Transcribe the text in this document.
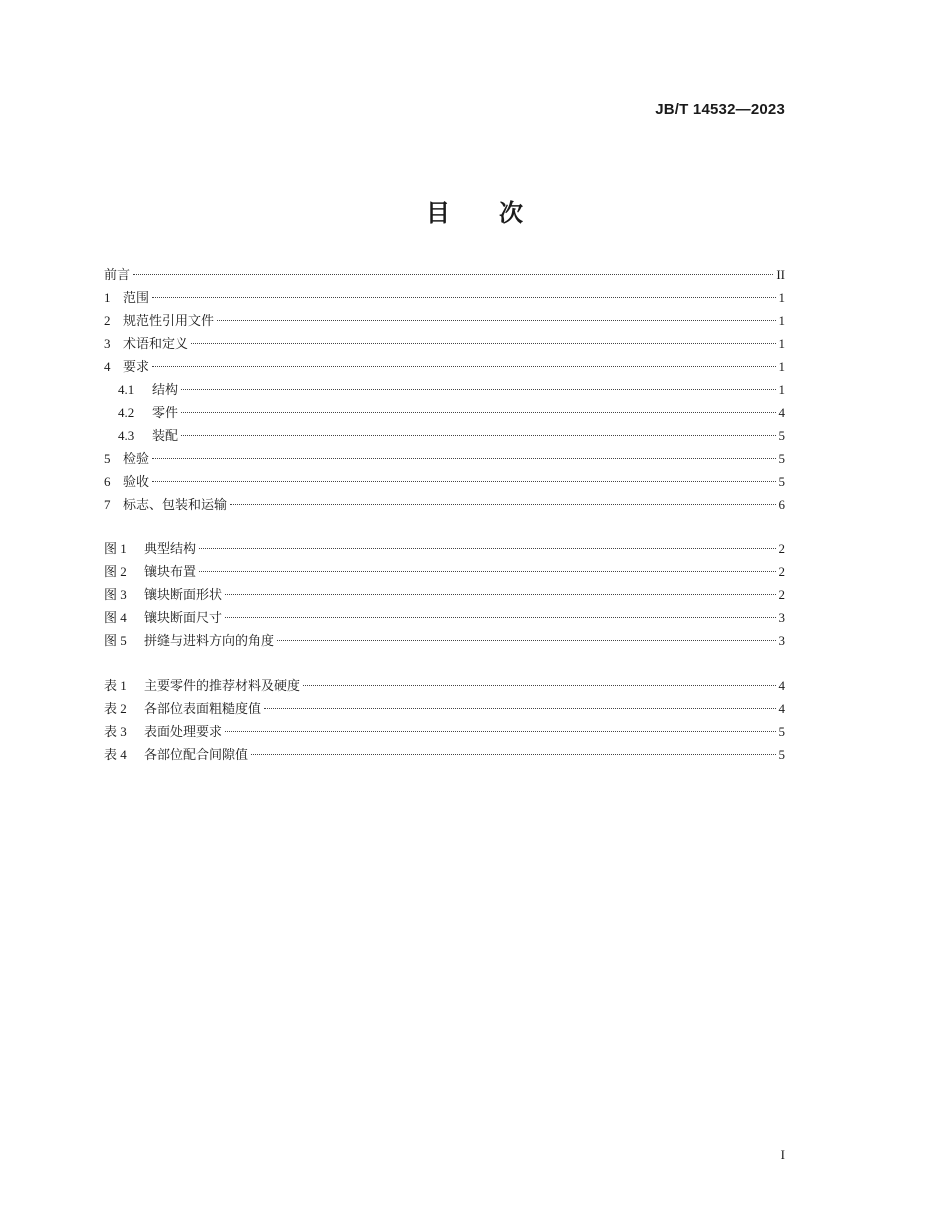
JB/T 14532—2023
目 次
前言	II
1 范围	1
2 规范性引用文件	1
3 术语和定义	1
4 要求	1
4.1	结构	1
4.2	零件	4
4.3	装配	5
5 检验	5
6 验收	5
7 标志、包装和运输	6
图 1	典型结构	2
图 2	镶块布置	2
图 3	镶块断面形状	2
图 4	镶块断面尺寸	3
图 5	拼缝与进料方向的角度	3
表 1	主要零件的推荐材料及硬度	4
表 2	各部位表面粗糙度值	4
表 3	表面处理要求	5
表 4	各部位配合间隙值	5
I
